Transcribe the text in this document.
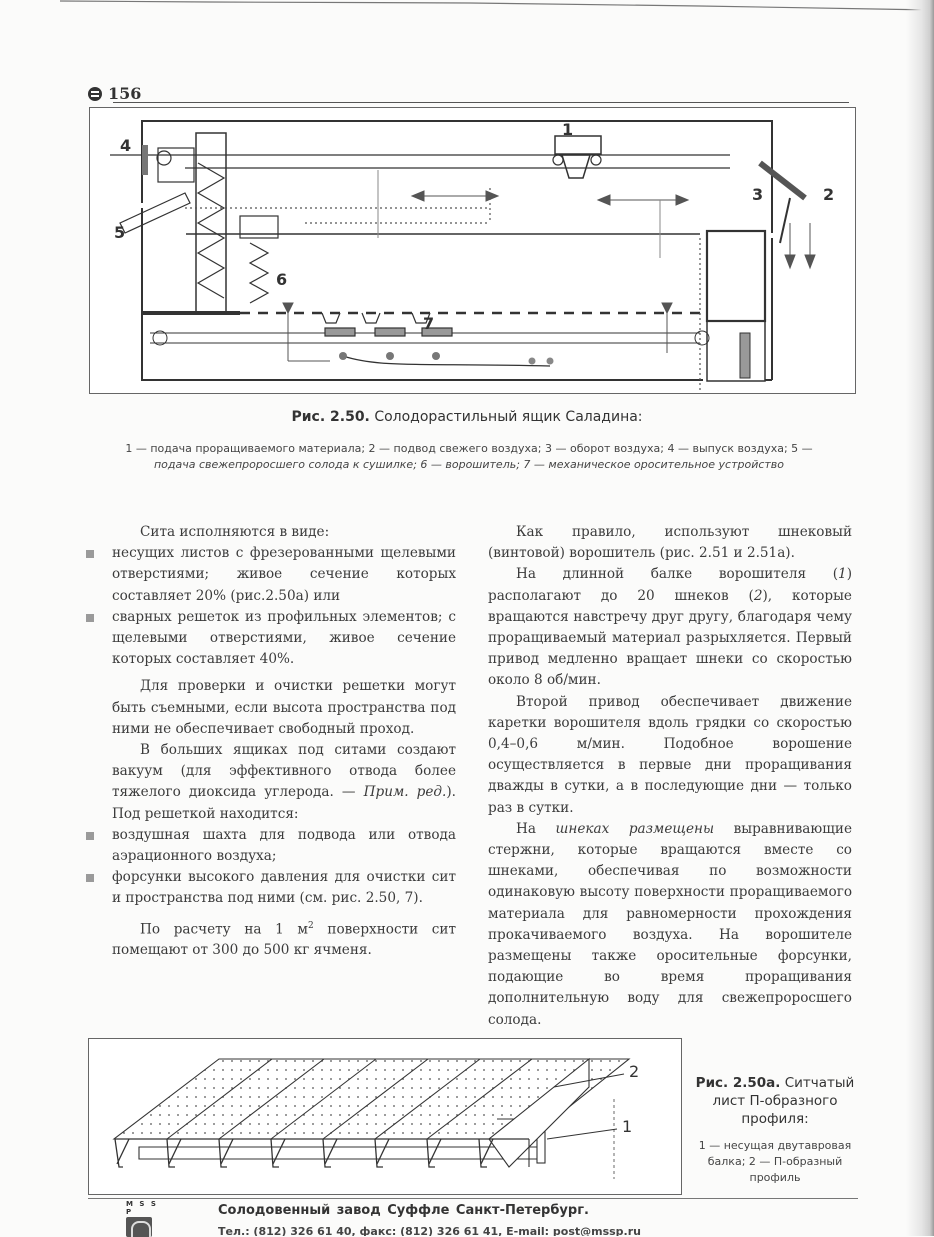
156
1
2
3
4
5
6
7
Рис. 2.50. Солодорастильный ящик Саладина:
1 — подача проращиваемого материала; 2 — подвод свежего воздуха; 3 — оборот воздуха; 4 — выпуск воздуха; 5 —
подача свежепроросшего солода к сушилке; 6 — ворошитель; 7 — механическое оросительное устройство

Сита исполняются в виде:

несущих листов с фрезерованными щелевыми отверстиями; живое сечение которых составляет 20% (рис.2.50а) или
сварных решеток из профильных элементов; с щелевыми отверстиями, живое сечение которых составляет 40%.

Для проверки и очистки решетки могут быть съемными, если высота пространства под ними не обеспечивает свободный проход.

В больших ящиках под ситами создают вакуум (для эффективного отвода более тяжелого диоксида углерода. — Прим. ред.). Под решеткой находится:

воздушная шахта для подвода или отвода аэрационного воздуха;
форсунки высокого давления для очистки сит и пространства под ними (см. рис. 2.50, 7).

По расчету на 1 $м^2$ поверхности сит помещают от 300 до 500 кг ячменя.

Как правило, используют шнековый (винтовой) ворошитель (рис. 2.51 и 2.51а).

На длинной балке ворошителя (1) располагают до 20 шнеков (2), которые вращаются навстречу друг другу, благодаря чему проращиваемый материал разрыхляется. Первый привод медленно вращает шнеки со скоростью около 8 об/мин.

Второй привод обеспечивает движение каретки ворошителя вдоль грядки со скоростью 0,4–0,6 м/мин. Подобное ворошение осуществляется в первые дни проращивания дважды в сутки, а в последующие дни — только раз в сутки.

На шнеках размещены выравнивающие стержни, которые вращаются вместе со шнеками, обеспечивая по возможности одинаковую высоту поверхности проращиваемого материала для равномерности прохождения прокачиваемого воздуха. На ворошителе размещены также оросительные форсунки, подающие во время проращивания дополнительную воду для свежепроросшего солода.

2
1
Рис. 2.50а. Ситчатый лист П-образного профиля:
1 — несущая двутавровая балка; 2 — П-образный профиль
M S S P	Солодовенный завод Суффле Санкт-Петербург.
Тел.: (812) 326 61 40, факс: (812) 326 61 41, E-mail: post@mssp.ru
